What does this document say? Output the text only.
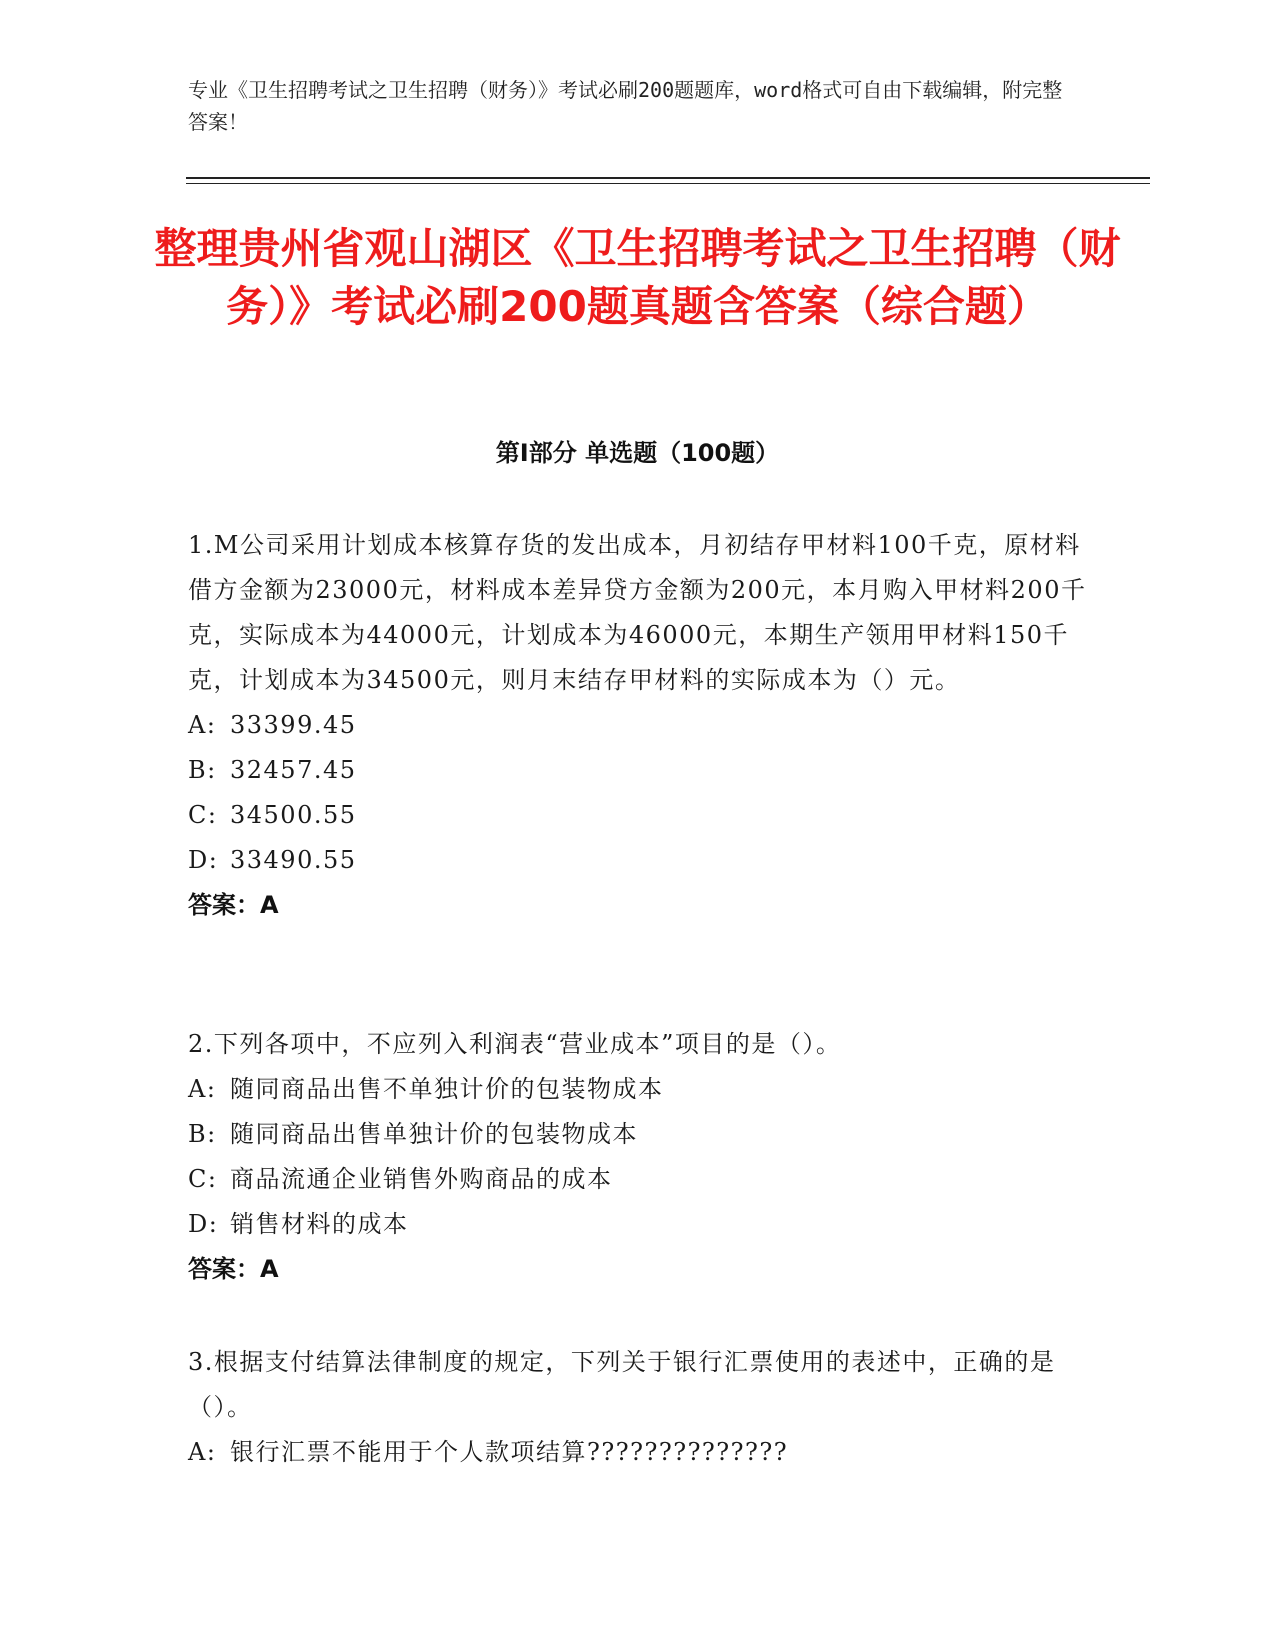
专业《卫生招聘考试之卫生招聘（财务）》考试必刷200题题库，word格式可自由下载编辑，附完整答案！
整理贵州省观山湖区《卫生招聘考试之卫生招聘（财务）》考试必刷200题真题含答案（综合题）
第Ⅰ部分 单选题（100题）
1.M公司采用计划成本核算存货的发出成本，月初结存甲材料100千克，原材料借方金额为23000元，材料成本差异贷方金额为200元，本月购入甲材料200千克，实际成本为44000元，计划成本为46000元，本期生产领用甲材料150千克，计划成本为34500元，则月末结存甲材料的实际成本为（）元。
A: 33399.45
B: 32457.45
C: 34500.55
D: 33490.55
答案：A
2.下列各项中，不应列入利润表“营业成本”项目的是（）。
A: 随同商品出售不单独计价的包装物成本
B: 随同商品出售单独计价的包装物成本
C: 商品流通企业销售外购商品的成本
D: 销售材料的成本
答案：A
3.根据支付结算法律制度的规定，下列关于银行汇票使用的表述中，正确的是（）。
A: 银行汇票不能用于个人款项结算??????????????
